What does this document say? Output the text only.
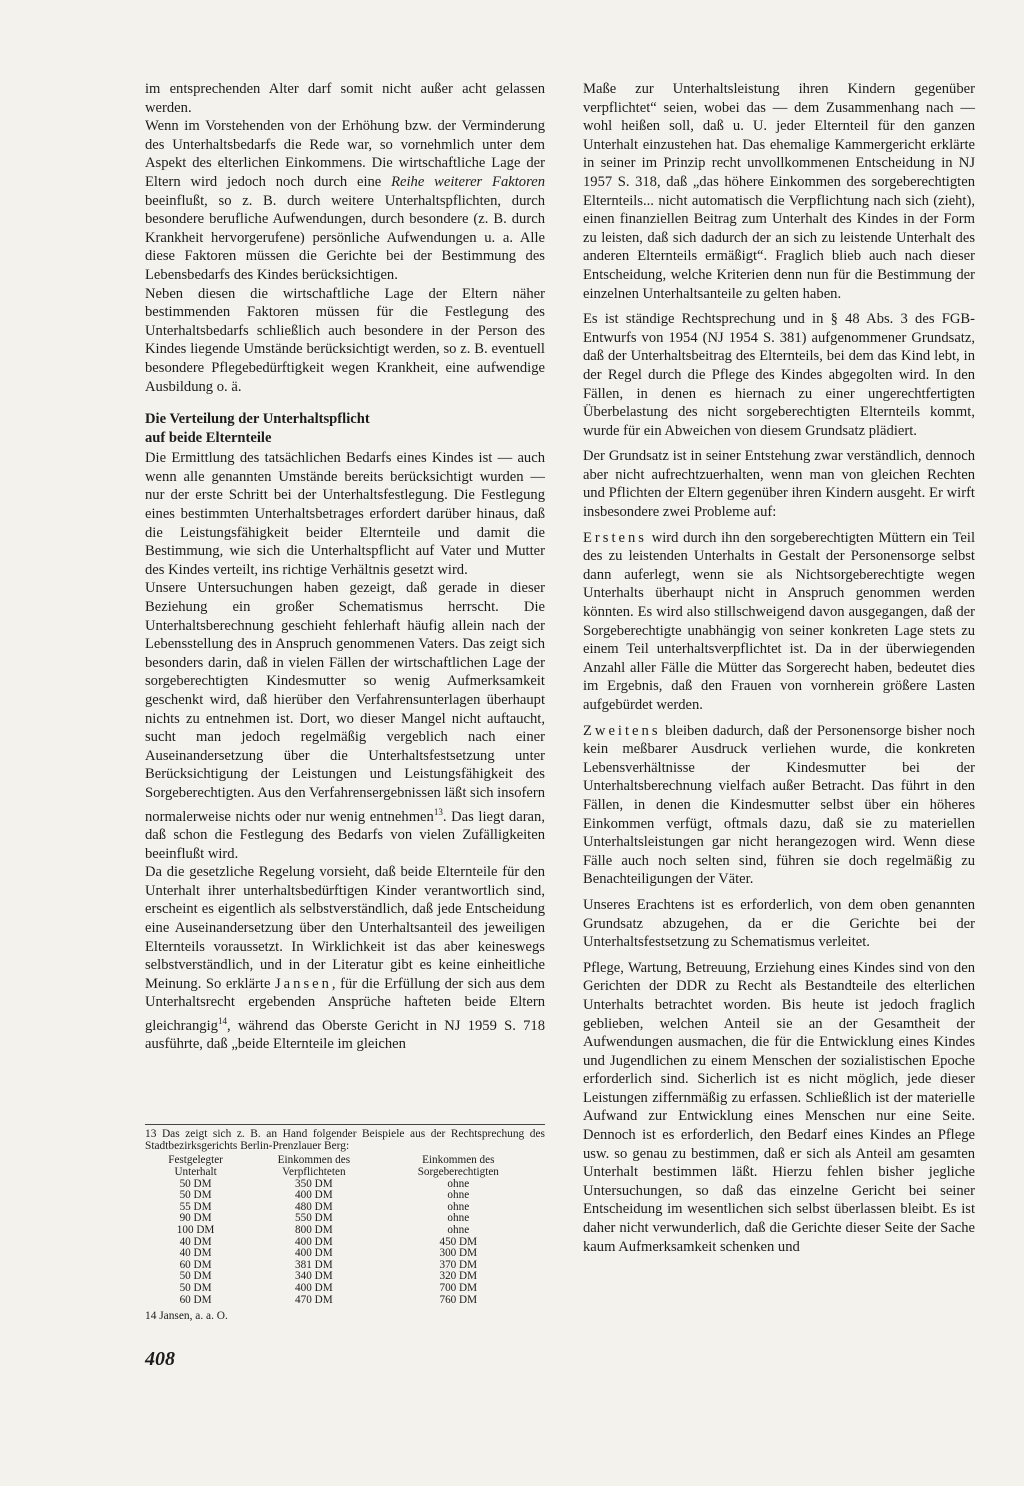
im entsprechenden Alter darf somit nicht außer acht gelassen werden.

Wenn im Vorstehenden von der Erhöhung bzw. der Verminderung des Unterhaltsbedarfs die Rede war, so vornehmlich unter dem Aspekt des elterlichen Einkommens. Die wirtschaftliche Lage der Eltern wird jedoch noch durch eine Reihe weiterer Faktoren beeinflußt, so z. B. durch weitere Unterhaltspflichten, durch besondere berufliche Aufwendungen, durch besondere (z. B. durch Krankheit hervorgerufene) persönliche Aufwendungen u. a. Alle diese Faktoren müssen die Gerichte bei der Bestimmung des Lebensbedarfs des Kindes berücksichtigen.

Neben diesen die wirtschaftliche Lage der Eltern näher bestimmenden Faktoren müssen für die Festlegung des Unterhaltsbedarfs schließlich auch besondere in der Person des Kindes liegende Umstände berücksichtigt werden, so z. B. eventuell besondere Pflegebedürftigkeit wegen Krankheit, eine aufwendige Ausbildung o. ä.

Die Verteilung der Unterhaltspflicht
auf beide Elternteile

Die Ermittlung des tatsächlichen Bedarfs eines Kindes ist — auch wenn alle genannten Umstände bereits berücksichtigt wurden — nur der erste Schritt bei der Unterhaltsfestlegung. Die Festlegung eines bestimmten Unterhaltsbetrages erfordert darüber hinaus, daß die Leistungsfähigkeit beider Elternteile und damit die Bestimmung, wie sich die Unterhaltspflicht auf Vater und Mutter des Kindes verteilt, ins richtige Verhältnis gesetzt wird.

Unsere Untersuchungen haben gezeigt, daß gerade in dieser Beziehung ein großer Schematismus herrscht. Die Unterhaltsberechnung geschieht fehlerhaft häufig allein nach der Lebensstellung des in Anspruch genommenen Vaters. Das zeigt sich besonders darin, daß in vielen Fällen der wirtschaftlichen Lage der sorgeberechtigten Kindesmutter so wenig Aufmerksamkeit geschenkt wird, daß hierüber den Verfahrensunterlagen überhaupt nichts zu entnehmen ist. Dort, wo dieser Mangel nicht auftaucht, sucht man jedoch regelmäßig vergeblich nach einer Auseinandersetzung über die Unterhaltsfestsetzung unter Berücksichtigung der Leistungen und Leistungsfähigkeit des Sorgeberechtigten. Aus den Verfahrensergebnissen läßt sich insofern normalerweise nichts oder nur wenig entnehmen$^{13}$. Das liegt daran, daß schon die Festlegung des Bedarfs von vielen Zufälligkeiten beeinflußt wird.

Da die gesetzliche Regelung vorsieht, daß beide Elternteile für den Unterhalt ihrer unterhaltsbedürftigen Kinder verantwortlich sind, erscheint es eigentlich als selbstverständlich, daß jede Entscheidung eine Auseinandersetzung über den Unterhaltsanteil des jeweiligen Elternteils voraussetzt. In Wirklichkeit ist das aber keineswegs selbstverständlich, und in der Literatur gibt es keine einheitliche Meinung. So erklärte Jansen, für die Erfüllung der sich aus dem Unterhaltsrecht ergebenden Ansprüche hafteten beide Eltern gleichrangig$^{14}$, während das Oberste Gericht in NJ 1959 S. 718 ausführte, daß „beide Elternteile im gleichen

13 Das zeigt sich z. B. an Hand folgender Beispiele aus der Rechtsprechung des Stadtbezirksgerichts Berlin-Prenzlauer Berg:

Festgelegter Unterhalt	Einkommen des Verpflichteten	Einkommen des Sorgeberechtigten
50 DM	350 DM	ohne
50 DM	400 DM	ohne
55 DM	480 DM	ohne
90 DM	550 DM	ohne
100 DM	800 DM	ohne
40 DM	400 DM	450 DM
40 DM	400 DM	300 DM
60 DM	381 DM	370 DM
50 DM	340 DM	320 DM
50 DM	400 DM	700 DM
60 DM	470 DM	760 DM

14 Jansen, a. a. O.

408

Maße zur Unterhaltsleistung ihren Kindern gegenüber verpflichtet“ seien, wobei das — dem Zusammenhang nach — wohl heißen soll, daß u. U. jeder Elternteil für den ganzen Unterhalt einzustehen hat. Das ehemalige Kammergericht erklärte in seiner im Prinzip recht unvollkommenen Entscheidung in NJ 1957 S. 318, daß „das höhere Einkommen des sorgeberechtigten Elternteils... nicht automatisch die Verpflichtung nach sich (zieht), einen finanziellen Beitrag zum Unterhalt des Kindes in der Form zu leisten, daß sich dadurch der an sich zu leistende Unterhalt des anderen Elternteils ermäßigt“. Fraglich blieb auch nach dieser Entscheidung, welche Kriterien denn nun für die Bestimmung der einzelnen Unterhaltsanteile zu gelten haben.

Es ist ständige Rechtsprechung und in § 48 Abs. 3 des FGB-Entwurfs von 1954 (NJ 1954 S. 381) aufgenommener Grundsatz, daß der Unterhaltsbeitrag des Elternteils, bei dem das Kind lebt, in der Regel durch die Pflege des Kindes abgegolten wird. In den Fällen, in denen es hiernach zu einer ungerechtfertigten Überbelastung des nicht sorgeberechtigten Elternteils kommt, wurde für ein Abweichen von diesem Grundsatz plädiert.

Der Grundsatz ist in seiner Entstehung zwar verständlich, dennoch aber nicht aufrechtzuerhalten, wenn man von gleichen Rechten und Pflichten der Eltern gegenüber ihren Kindern ausgeht. Er wirft insbesondere zwei Probleme auf:

Erstens wird durch ihn den sorgeberechtigten Müttern ein Teil des zu leistenden Unterhalts in Gestalt der Personensorge selbst dann auferlegt, wenn sie als Nichtsorgeberechtigte wegen Unterhalts überhaupt nicht in Anspruch genommen werden könnten. Es wird also stillschweigend davon ausgegangen, daß der Sorgeberechtigte unabhängig von seiner konkreten Lage stets zu einem Teil unterhaltsverpflichtet ist. Da in der überwiegenden Anzahl aller Fälle die Mütter das Sorgerecht haben, bedeutet dies im Ergebnis, daß den Frauen von vornherein größere Lasten aufgebürdet werden.

Zweitens bleiben dadurch, daß der Personensorge bisher noch kein meßbarer Ausdruck verliehen wurde, die konkreten Lebensverhältnisse der Kindesmutter bei der Unterhaltsberechnung vielfach außer Betracht. Das führt in den Fällen, in denen die Kindesmutter selbst über ein höheres Einkommen verfügt, oftmals dazu, daß sie zu materiellen Unterhaltsleistungen gar nicht herangezogen wird. Wenn diese Fälle auch noch selten sind, führen sie doch regelmäßig zu Benachteiligungen der Väter.

Unseres Erachtens ist es erforderlich, von dem oben genannten Grundsatz abzugehen, da er die Gerichte bei der Unterhaltsfestsetzung zu Schematismus verleitet.

Pflege, Wartung, Betreuung, Erziehung eines Kindes sind von den Gerichten der DDR zu Recht als Bestandteile des elterlichen Unterhalts betrachtet worden. Bis heute ist jedoch fraglich geblieben, welchen Anteil sie an der Gesamtheit der Aufwendungen ausmachen, die für die Entwicklung eines Kindes und Jugendlichen zu einem Menschen der sozialistischen Epoche erforderlich sind. Sicherlich ist es nicht möglich, jede dieser Leistungen ziffernmäßig zu erfassen. Schließlich ist der materielle Aufwand zur Entwicklung eines Menschen nur eine Seite. Dennoch ist es erforderlich, den Bedarf eines Kindes an Pflege usw. so genau zu bestimmen, daß er sich als Anteil am gesamten Unterhalt bestimmen läßt. Hierzu fehlen bisher jegliche Untersuchungen, so daß das einzelne Gericht bei seiner Entscheidung im wesentlichen sich selbst überlassen bleibt. Es ist daher nicht verwunderlich, daß die Gerichte dieser Seite der Sache kaum Aufmerksamkeit schenken und
